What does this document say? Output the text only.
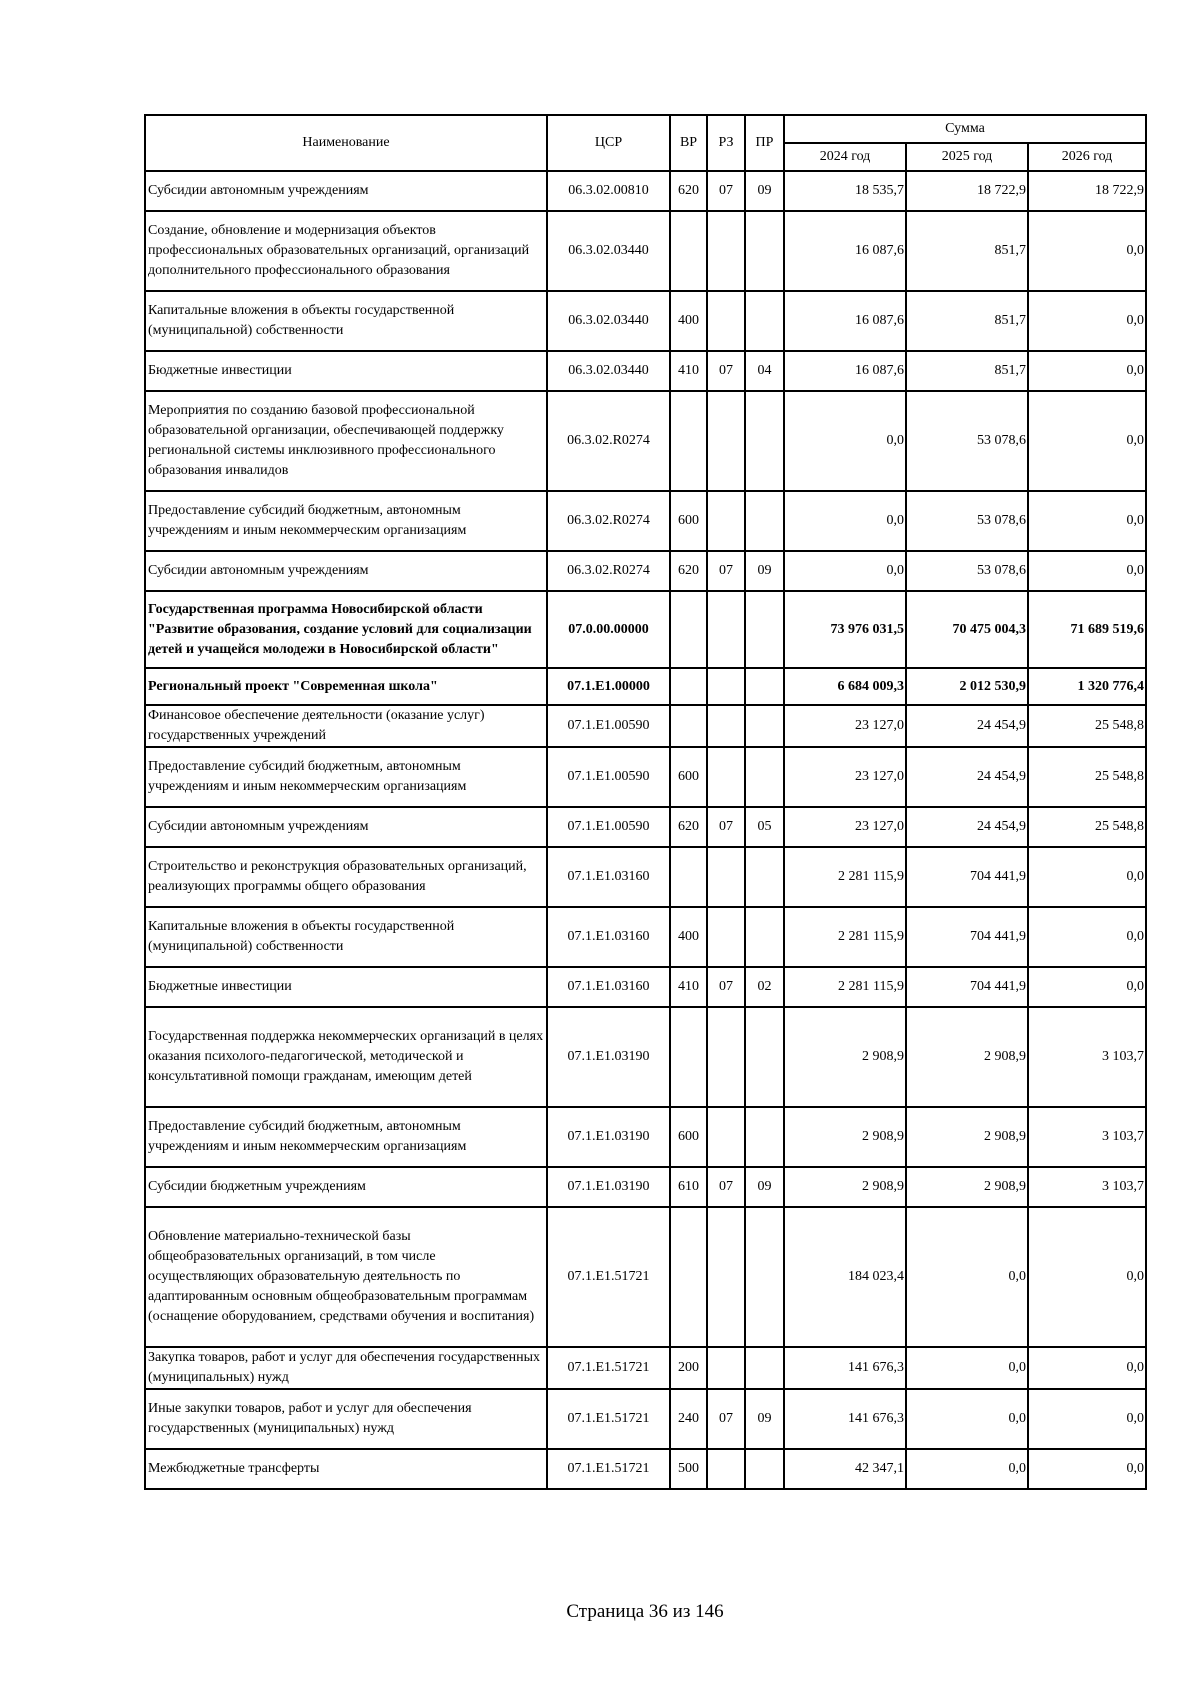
Наименование	ЦСР	ВР	РЗ	ПР	Сумма		
					2024 год	2025 год	2026 год
Субсидии автономным учреждениям	06.3.02.00810	620	07	09	18 535,7	18 722,9	18 722,9
Создание, обновление и модернизация объектов профессиональных образовательных организаций, организаций дополнительного профессионального образования	06.3.02.03440				16 087,6	851,7	0,0
Капитальные вложения в объекты государственной (муниципальной) собственности	06.3.02.03440	400			16 087,6	851,7	0,0
Бюджетные инвестиции	06.3.02.03440	410	07	04	16 087,6	851,7	0,0
Мероприятия по созданию базовой профессиональной образовательной организации, обеспечивающей поддержку региональной системы инклюзивного профессионального образования инвалидов	06.3.02.R0274				0,0	53 078,6	0,0
Предоставление субсидий бюджетным, автономным учреждениям и иным некоммерческим организациям	06.3.02.R0274	600			0,0	53 078,6	0,0
Субсидии автономным учреждениям	06.3.02.R0274	620	07	09	0,0	53 078,6	0,0
Государственная программа Новосибирской области "Развитие образования, создание условий для социализации детей и учащейся молодежи в Новосибирской области"	07.0.00.00000				73 976 031,5	70 475 004,3	71 689 519,6
Региональный проект "Современная школа"	07.1.E1.00000				6 684 009,3	2 012 530,9	1 320 776,4
Финансовое обеспечение деятельности (оказание услуг) государственных учреждений	07.1.E1.00590				23 127,0	24 454,9	25 548,8
Предоставление субсидий бюджетным, автономным учреждениям и иным некоммерческим организациям	07.1.E1.00590	600			23 127,0	24 454,9	25 548,8
Субсидии автономным учреждениям	07.1.E1.00590	620	07	05	23 127,0	24 454,9	25 548,8
Строительство и реконструкция образовательных организаций, реализующих программы общего образования	07.1.E1.03160				2 281 115,9	704 441,9	0,0
Капитальные вложения в объекты государственной (муниципальной) собственности	07.1.E1.03160	400			2 281 115,9	704 441,9	0,0
Бюджетные инвестиции	07.1.E1.03160	410	07	02	2 281 115,9	704 441,9	0,0
Государственная поддержка некоммерческих организаций в целях оказания психолого-педагогической, методической и консультативной помощи гражданам, имеющим детей	07.1.E1.03190				2 908,9	2 908,9	3 103,7
Предоставление субсидий бюджетным, автономным учреждениям и иным некоммерческим организациям	07.1.E1.03190	600			2 908,9	2 908,9	3 103,7
Субсидии бюджетным учреждениям	07.1.E1.03190	610	07	09	2 908,9	2 908,9	3 103,7
Обновление материально-технической базы общеобразовательных организаций, в том числе осуществляющих образовательную деятельность по адаптированным основным общеобразовательным программам (оснащение оборудованием, средствами обучения и воспитания)	07.1.E1.51721				184 023,4	0,0	0,0
Закупка товаров, работ и услуг для обеспечения государственных (муниципальных) нужд	07.1.E1.51721	200			141 676,3	0,0	0,0
Иные закупки товаров, работ и услуг для обеспечения государственных (муниципальных) нужд	07.1.E1.51721	240	07	09	141 676,3	0,0	0,0
Межбюджетные трансферты	07.1.E1.51721	500			42 347,1	0,0	0,0
Страница 36 из 146
